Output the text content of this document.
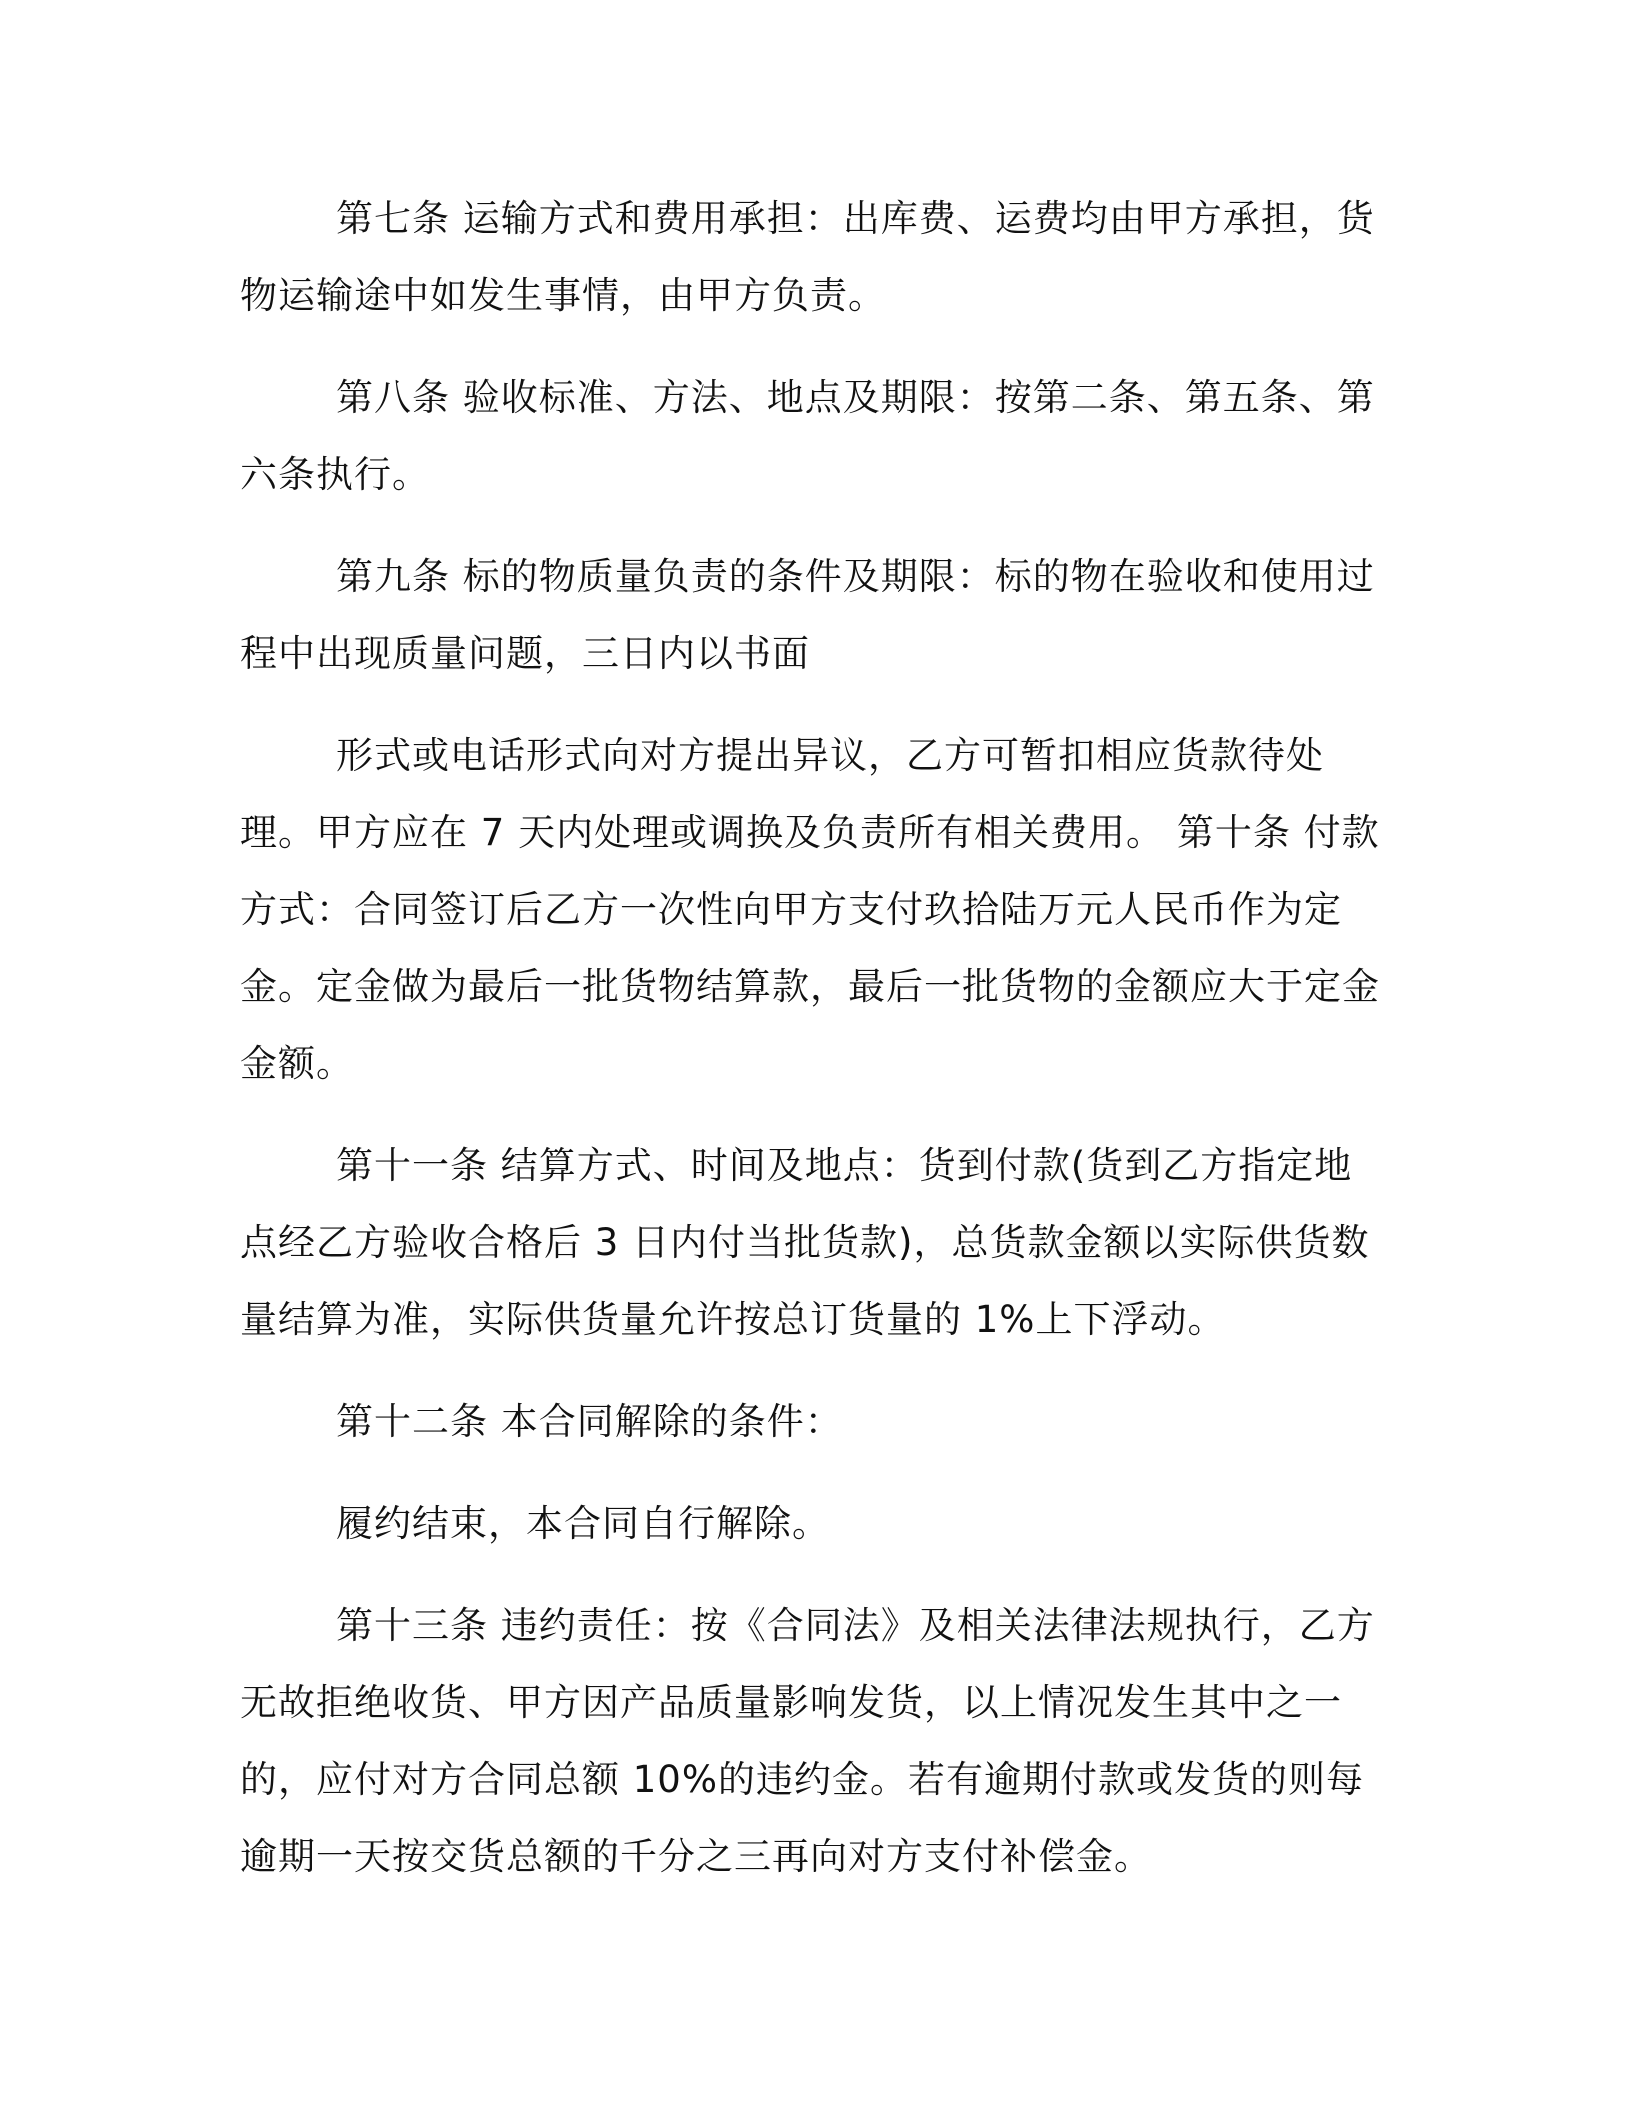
第七条 运输方式和费用承担：出库费、运费均由甲方承担，货物运输途中如发生事情，由甲方负责。

第八条 验收标准、方法、地点及期限：按第二条、第五条、第六条执行。

第九条 标的物质量负责的条件及期限：标的物在验收和使用过程中出现质量问题，三日内以书面

形式或电话形式向对方提出异议，乙方可暂扣相应货款待处理。甲方应在 7 天内处理或调换及负责所有相关费用。 第十条 付款方式：合同签订后乙方一次性向甲方支付玖拾陆万元人民币作为定金。定金做为最后一批货物结算款，最后一批货物的金额应大于定金金额。

第十一条 结算方式、时间及地点：货到付款(货到乙方指定地点经乙方验收合格后 3 日内付当批货款)，总货款金额以实际供货数量结算为准，实际供货量允许按总订货量的 1%上下浮动。

第十二条 本合同解除的条件：

履约结束，本合同自行解除。

第十三条 违约责任：按《合同法》及相关法律法规执行，乙方无故拒绝收货、甲方因产品质量影响发货，以上情况发生其中之一的，应付对方合同总额 10%的违约金。若有逾期付款或发货的则每逾期一天按交货总额的千分之三再向对方支付补偿金。
